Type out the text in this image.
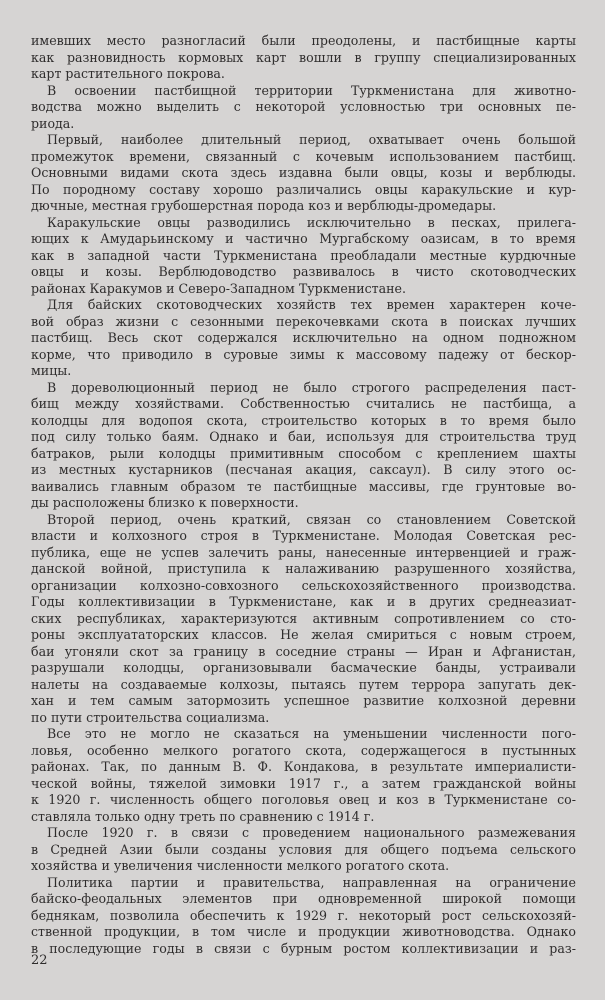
имевших место разногласий были преодолены, и пастбищные карты
как разновидность кормовых карт вошли в группу специализированных
карт растительного покрова.
В освоении пастбищной территории Туркменистана для животно-
водства можно выделить с некоторой условностью три основных пе-
риода.
Первый, наиболее длительный период, охватывает очень большой
промежуток времени, связанный с кочевым использованием пастбищ.
Основными видами скота здесь издавна были овцы, козы и верблюды.
По породному составу хорошо различались овцы каракульские и кур-
дючные, местная грубошерстная порода коз и верблюды-дромедары.
Каракульские овцы разводились исключительно в песках, прилега-
ющих к Амударьинскому и частично Мургабскому оазисам, в то время
как в западной части Туркменистана преобладали местные курдючные
овцы и козы. Верблюдоводство развивалось в чисто скотоводческих
районах Каракумов и Северо-Западном Туркменистане.
Для байских скотоводческих хозяйств тех времен характерен коче-
вой образ жизни с сезонными перекочевками скота в поисках лучших
пастбищ. Весь скот содержался исключительно на одном подножном
корме, что приводило в суровые зимы к массовому падежу от бескор-
мицы.
В дореволюционный период не было строгого распределения паст-
бищ между хозяйствами. Собственностью считались не пастбища, а
колодцы для водопоя скота, строительство которых в то время было
под силу только баям. Однако и баи, используя для строительства труд
батраков, рыли колодцы примитивным способом с креплением шахты
из местных кустарников (песчаная акация, саксаул). В силу этого ос-
ваивались главным образом те пастбищные массивы, где грунтовые во-
ды расположены близко к поверхности.
Второй период, очень краткий, связан со становлением Советской
власти и колхозного строя в Туркменистане. Молодая Советская рес-
публика, еще не успев залечить раны, нанесенные интервенцией и граж-
данской войной, приступила к налаживанию разрушенного хозяйства,
организации колхозно-совхозного сельскохозяйственного производства.
Годы коллективизации в Туркменистане, как и в других среднеазиат-
ских республиках, характеризуются активным сопротивлением со сто-
роны эксплуататорских классов. Не желая смириться с новым строем,
баи угоняли скот за границу в соседние страны — Иран и Афганистан,
разрушали колодцы, организовывали басмаческие банды, устраивали
налеты на создаваемые колхозы, пытаясь путем террора запугать дек-
хан и тем самым затормозить успешное развитие колхозной деревни
по пути строительства социализма.
Все это не могло не сказаться на уменьшении численности пого-
ловья, особенно мелкого рогатого скота, содержащегося в пустынных
районах. Так, по данным В. Ф. Кондакова, в результате империалисти-
ческой войны, тяжелой зимовки 1917 г., а затем гражданской войны
к 1920 г. численность общего поголовья овец и коз в Туркменистане со-
ставляла только одну треть по сравнению с 1914 г.
После 1920 г. в связи с проведением национального размежевания
в Средней Азии были созданы условия для общего подъема сельского
хозяйства и увеличения численности мелкого рогатого скота.
Политика партии и правительства, направленная на ограничение
байско-феодальных элементов при одновременной широкой помощи
беднякам, позволила обеспечить к 1929 г. некоторый рост сельскохозяй-
ственной продукции, в том числе и продукции животноводства. Однако
в последующие годы в связи с бурным ростом коллективизации и раз-
22
